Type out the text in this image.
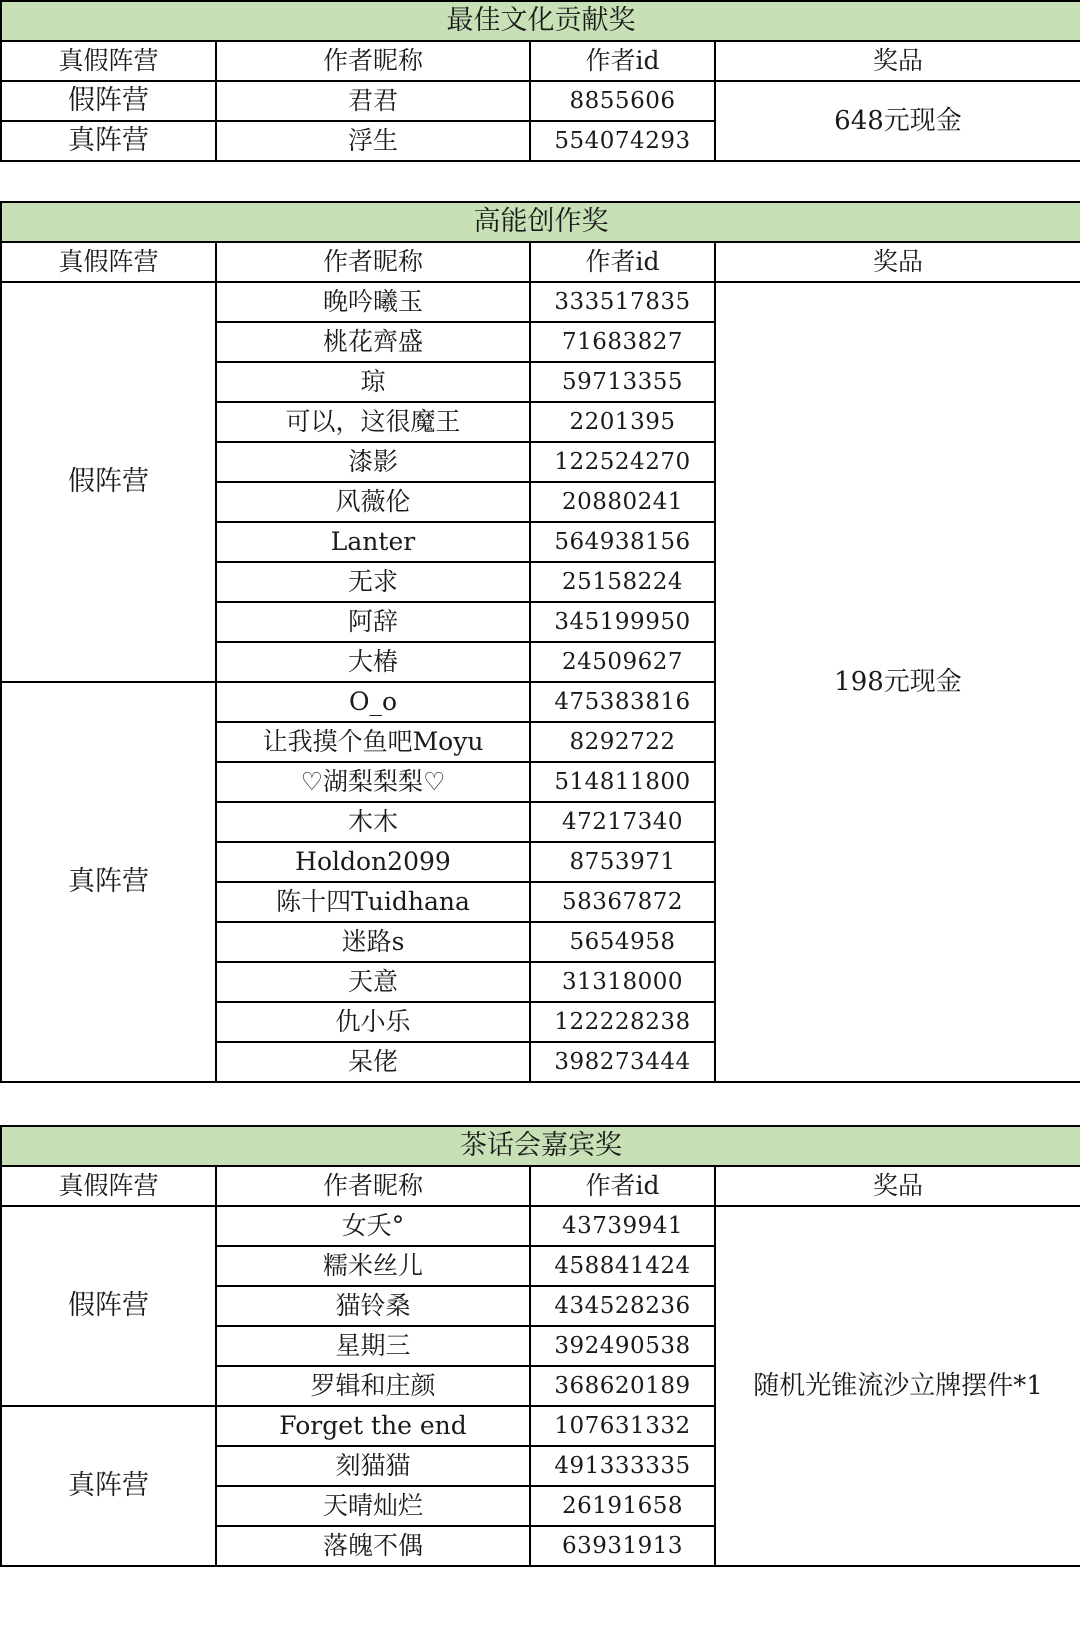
最佳文化贡献奖			
真假阵营	作者昵称	作者id	奖品
假阵营	君君	8855606	648元现金
真阵营	浮生	554074293	
高能创作奖			
真假阵营	作者昵称	作者id	奖品
假阵营	晚吟曦玉	333517835	198元现金
	桃花齊盛	71683827	
	琼	59713355	
	可以，这很魔王	2201395	
	漆影	122524270	
	风薇伦	20880241	
	Lanter	564938156	
	无求	25158224	
	阿辞	345199950	
	大椿	24509627	
真阵营	O_o	475383816	
	让我摸个鱼吧Moyu	8292722	
	♡湖梨梨梨♡	514811800	
	木木	47217340	
	Holdon2099	8753971	
	陈十四Tuidhana	58367872	
	迷路s	5654958	
	天意	31318000	
	仇小乐	122228238	
	呆佬	398273444	
茶话会嘉宾奖			
真假阵营	作者昵称	作者id	奖品
假阵营	女夭°	43739941	随机光锥流沙立牌摆件*1
	糯米丝儿	458841424	
	猫铃桑	434528236	
	星期三	392490538	
	罗辑和庄颜	368620189	
真阵营	Forget the end	107631332	
	刻猫猫	491333335	
	天晴灿烂	26191658	
	落魄不偶	63931913	
